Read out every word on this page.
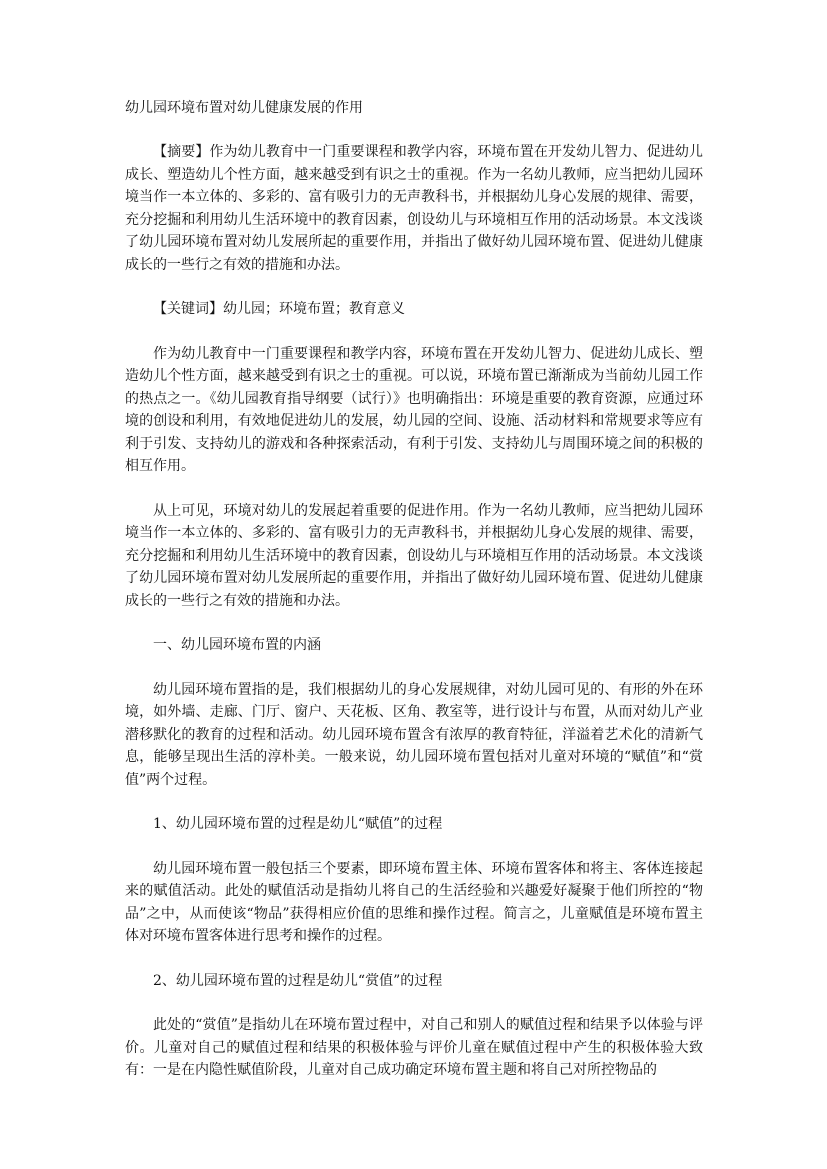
幼儿园环境布置对幼儿健康发展的作用

【摘要】作为幼儿教育中一门重要课程和教学内容，环境布置在开发幼儿智力、促进幼儿成长、塑造幼儿个性方面，越来越受到有识之士的重视。作为一名幼儿教师，应当把幼儿园环境当作一本立体的、多彩的、富有吸引力的无声教科书，并根据幼儿身心发展的规律、需要，充分挖掘和利用幼儿生活环境中的教育因素，创设幼儿与环境相互作用的活动场景。本文浅谈了幼儿园环境布置对幼儿发展所起的重要作用，并指出了做好幼儿园环境布置、促进幼儿健康成长的一些行之有效的措施和办法。

【关键词】幼儿园；环境布置；教育意义

作为幼儿教育中一门重要课程和教学内容，环境布置在开发幼儿智力、促进幼儿成长、塑造幼儿个性方面，越来越受到有识之士的重视。可以说，环境布置已渐渐成为当前幼儿园工作的热点之一。《幼儿园教育指导纲要（试行）》也明确指出：环境是重要的教育资源，应通过环境的创设和利用，有效地促进幼儿的发展，幼儿园的空间、设施、活动材料和常规要求等应有利于引发、支持幼儿的游戏和各种探索活动，有利于引发、支持幼儿与周围环境之间的积极的相互作用。

从上可见，环境对幼儿的发展起着重要的促进作用。作为一名幼儿教师，应当把幼儿园环境当作一本立体的、多彩的、富有吸引力的无声教科书，并根据幼儿身心发展的规律、需要，充分挖掘和利用幼儿生活环境中的教育因素，创设幼儿与环境相互作用的活动场景。本文浅谈了幼儿园环境布置对幼儿发展所起的重要作用，并指出了做好幼儿园环境布置、促进幼儿健康成长的一些行之有效的措施和办法。

一、幼儿园环境布置的内涵

幼儿园环境布置指的是，我们根据幼儿的身心发展规律，对幼儿园可见的、有形的外在环境，如外墙、走廊、门厅、窗户、天花板、区角、教室等，进行设计与布置，从而对幼儿产业潜移默化的教育的过程和活动。幼儿园环境布置含有浓厚的教育特征，洋溢着艺术化的清新气息，能够呈现出生活的淳朴美。一般来说，幼儿园环境布置包括对儿童对环境的“赋值”和“赏值”两个过程。

1、幼儿园环境布置的过程是幼儿“赋值”的过程

幼儿园环境布置一般包括三个要素，即环境布置主体、环境布置客体和将主、客体连接起来的赋值活动。此处的赋值活动是指幼儿将自己的生活经验和兴趣爱好凝聚于他们所控的“物品”之中，从而使该“物品”获得相应价值的思维和操作过程。简言之，儿童赋值是环境布置主体对环境布置客体进行思考和操作的过程。

2、幼儿园环境布置的过程是幼儿“赏值”的过程

此处的“赏值”是指幼儿在环境布置过程中，对自己和别人的赋值过程和结果予以体验与评价。儿童对自己的赋值过程和结果的积极体验与评价儿童在赋值过程中产生的积极体验大致有：一是在内隐性赋值阶段，儿童对自己成功确定环境布置主题和将自己对所控物品的
